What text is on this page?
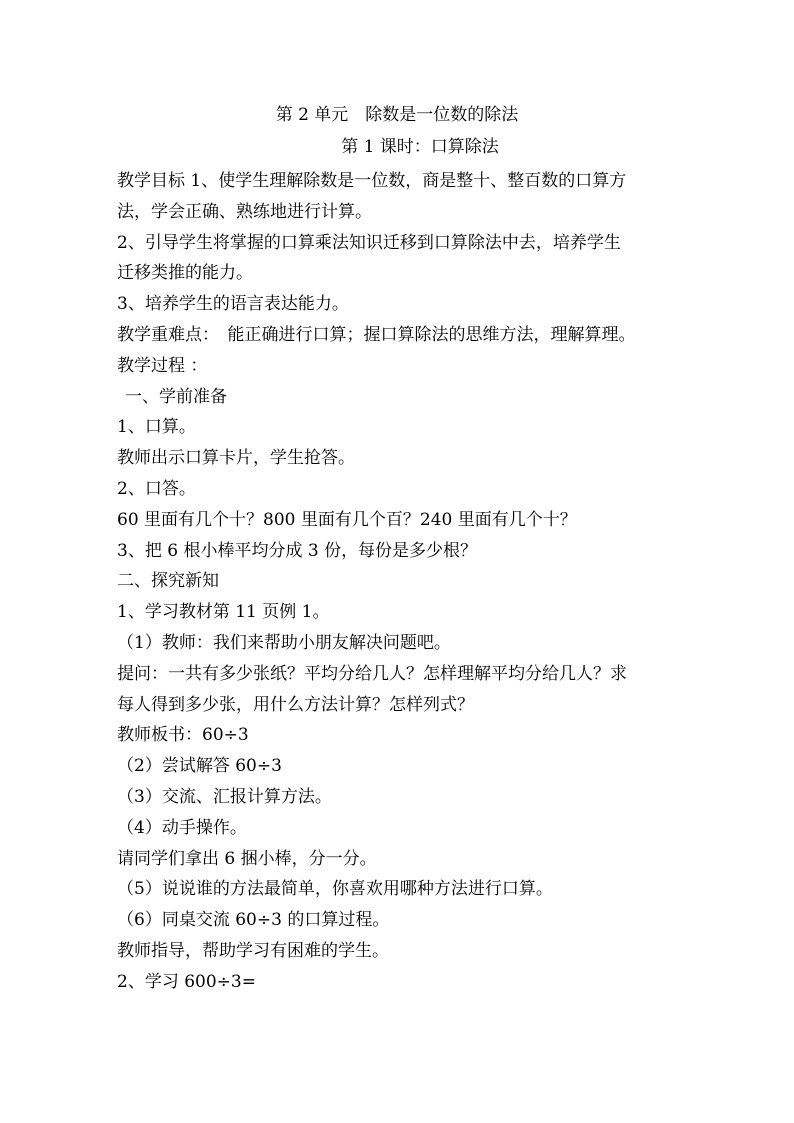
第 2 单元　除数是一位数的除法
第 1 课时：口算除法
教学目标 1、使学生理解除数是一位数，商是整十、整百数的口算方
法，学会正确、熟练地进行计算。
2、引导学生将掌握的口算乘法知识迁移到口算除法中去，培养学生
迁移类推的能力。
3、培养学生的语言表达能力。
教学重难点：　能正确进行口算；握口算除法的思维方法，理解算理。
教学过程 ：
一、学前准备
1、口算。
教师出示口算卡片，学生抢答。
2、口答。
60 里面有几个十？800 里面有几个百？240 里面有几个十？
3、把 6 根小棒平均分成 3 份，每份是多少根？
二、探究新知
1、学习教材第 11 页例 1。
（1）教师：我们来帮助小朋友解决问题吧。
提问：一共有多少张纸？平均分给几人？怎样理解平均分给几人？求
每人得到多少张，用什么方法计算？怎样列式？
教师板书：60÷3
（2）尝试解答 60÷3
（3）交流、汇报计算方法。
（4）动手操作。
请同学们拿出 6 捆小棒，分一分。
（5）说说谁的方法最简单，你喜欢用哪种方法进行口算。
（6）同桌交流 60÷3 的口算过程。
教师指导，帮助学习有困难的学生。
2、学习 600÷3=
